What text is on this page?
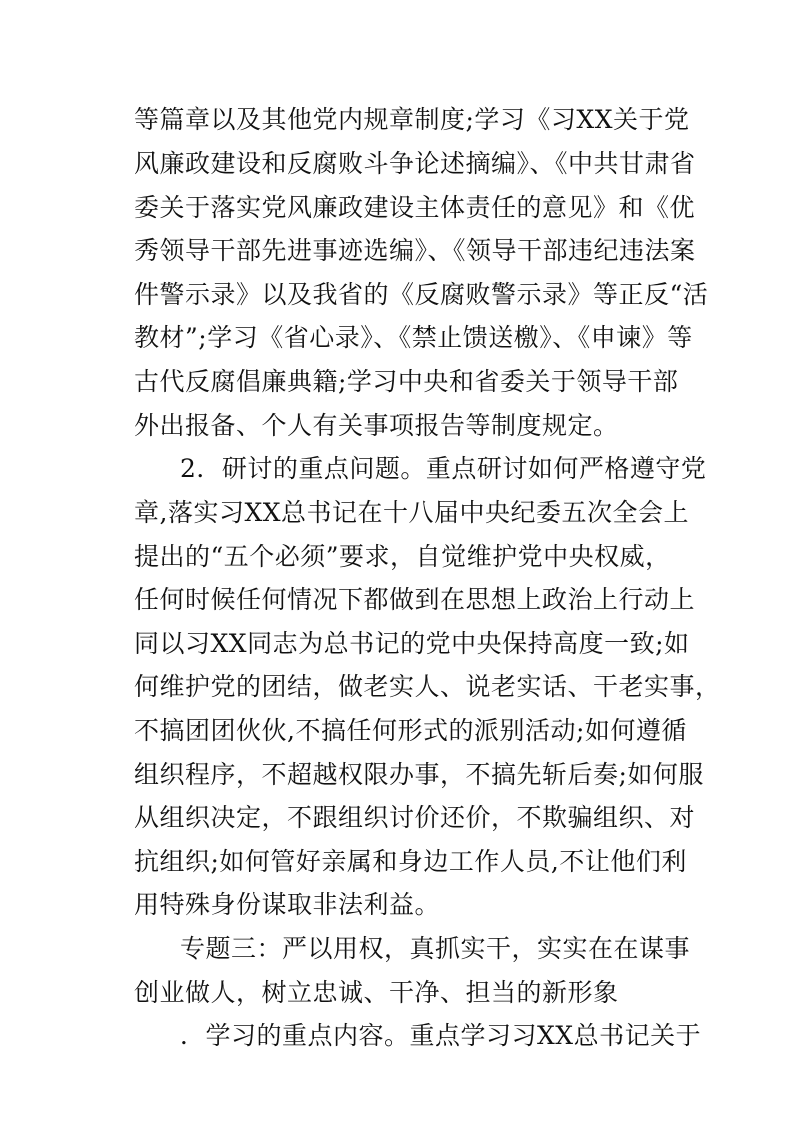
等篇章以及其他党内规章制度;学习《习XX关于党
风廉政建设和反腐败斗争论述摘编》、《中共甘肃省
委关于落实党风廉政建设主体责任的意见》和《优
秀领导干部先进事迹选编》、《领导干部违纪违法案
件警示录》以及我省的《反腐败警示录》等正反“活
教材”;学习《省心录》、《禁止馈送檄》、《申谏》等
古代反腐倡廉典籍;学习中央和省委关于领导干部
外出报备、个人有关事项报告等制度规定。
2．研讨的重点问题。重点研讨如何严格遵守党
章,落实习XX总书记在十八届中央纪委五次全会上
提出的“五个必须”要求，自觉维护党中央权威，
任何时候任何情况下都做到在思想上政治上行动上
同以习XX同志为总书记的党中央保持高度一致;如
何维护党的团结，做老实人、说老实话、干老实事，
不搞团团伙伙,不搞任何形式的派别活动;如何遵循
组织程序，不超越权限办事，不搞先斩后奏;如何服
从组织决定，不跟组织讨价还价，不欺骗组织、对
抗组织;如何管好亲属和身边工作人员,不让他们利
用特殊身份谋取非法利益。
专题三：严以用权，真抓实干，实实在在谋事
创业做人，树立忠诚、干净、担当的新形象
．学习的重点内容。重点学习习XX总书记关于
